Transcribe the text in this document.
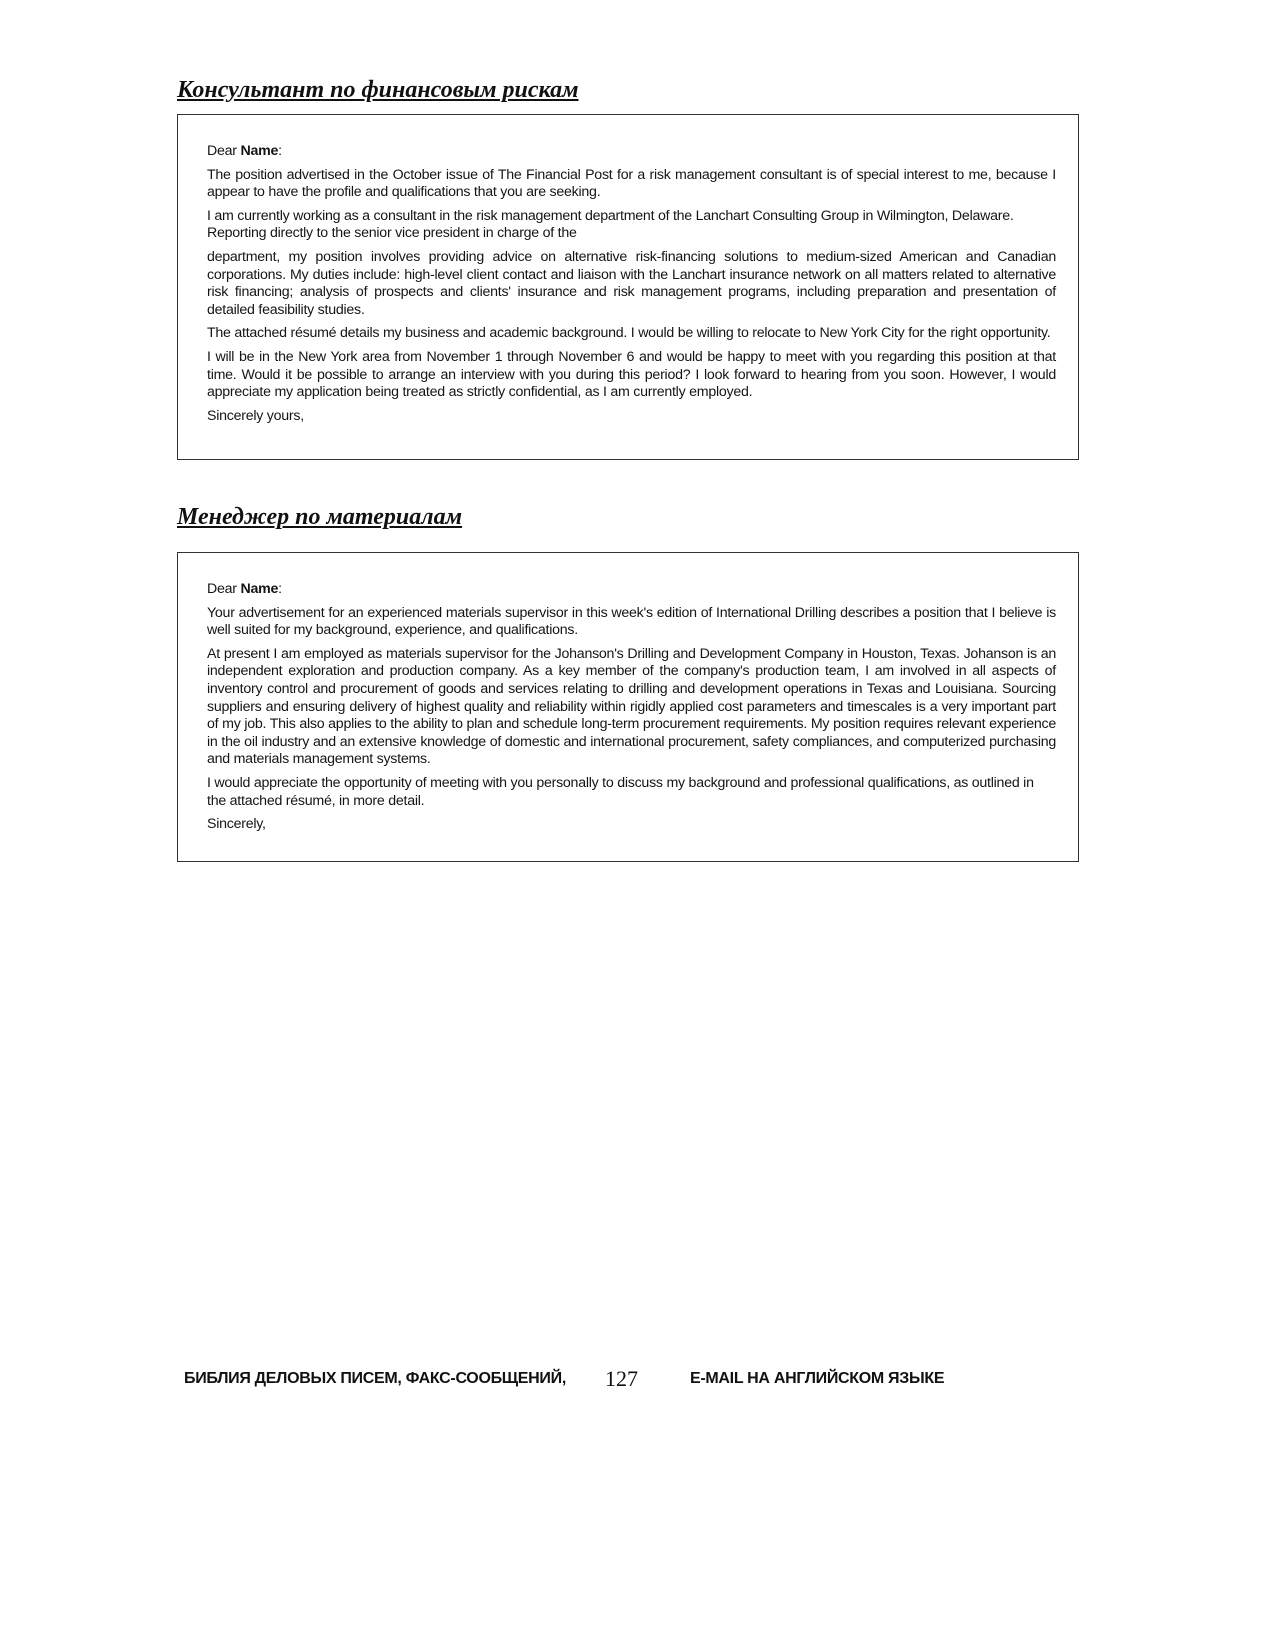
Консультант по финансовым рискам

Dear Name:

The position advertised in the October issue of The Financial Post for a risk management consultant is of special interest to me, because I appear to have the profile and qualifications that you are seeking.

I am currently working as a consultant in the risk management department of the Lanchart Consulting Group in Wilmington, Delaware. Reporting directly to the senior vice president in charge of the

department, my position involves providing advice on alternative risk-financing solutions to medium-sized American and Canadian corporations. My duties include: high-level client contact and liaison with the Lanchart insurance network on all matters related to alternative risk financing; analysis of prospects and clients' insurance and risk management programs, including preparation and presentation of detailed feasibility studies.

The attached résumé details my business and academic background. I would be willing to relocate to New York City for the right opportunity.

I will be in the New York area from November 1 through November 6 and would be happy to meet with you regarding this position at that time. Would it be possible to arrange an interview with you during this period? I look forward to hearing from you soon. However, I would appreciate my application being treated as strictly confidential, as I am currently employed.

Sincerely yours,

Менеджер по материалам

Dear Name:

Your advertisement for an experienced materials supervisor in this week's edition of International Drilling describes a position that I believe is well suited for my background, experience, and qualifications.

At present I am employed as materials supervisor for the Johanson's Drilling and Development Company in Houston, Texas. Johanson is an independent exploration and production company. As a key member of the company's production team, I am involved in all aspects of inventory control and procurement of goods and services relating to drilling and development operations in Texas and Louisiana. Sourcing suppliers and ensuring delivery of highest quality and reliability within rigidly applied cost parameters and timescales is a very important part of my job. This also applies to the ability to plan and schedule long-term procurement requirements. My position requires relevant experience in the oil industry and an extensive knowledge of domestic and international procurement, safety compliances, and computerized purchasing and materials management systems.

I would appreciate the opportunity of meeting with you personally to discuss my background and professional qualifications, as outlined in the attached résumé, in more detail.

Sincerely,

БИБЛИЯ ДЕЛОВЫХ ПИСЕМ, ФАКС-СООБЩЕНИЙ, 127	E-MAIL НА АНГЛИЙСКОМ ЯЗЫКЕ
